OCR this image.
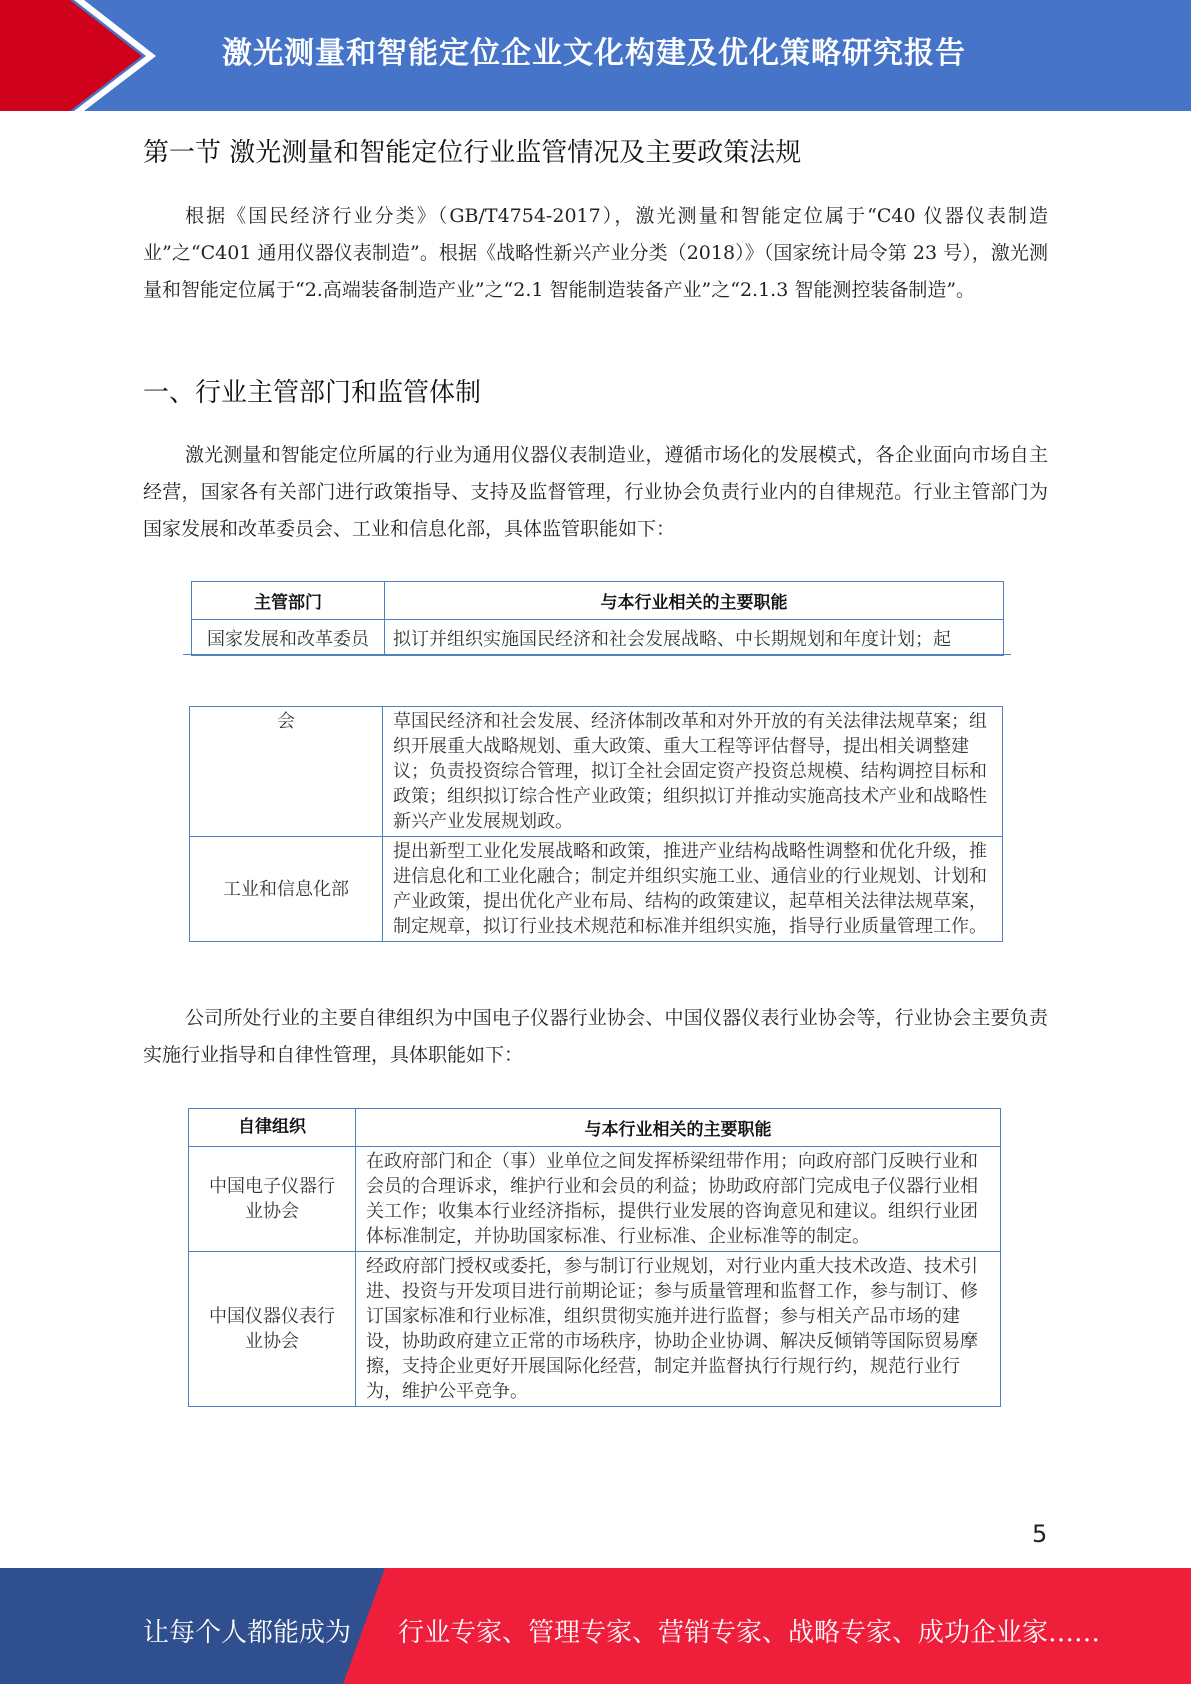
激光测量和智能定位企业文化构建及优化策略研究报告
第一节 激光测量和智能定位行业监管情况及主要政策法规

根据《国民经济行业分类》（GB/T4754-2017），激光测量和智能定位属于“C40 仪器仪表制造业”之“C401 通用仪器仪表制造”。根据《战略性新兴产业分类（2018）》（国家统计局令第 23 号），激光测量和智能定位属于“2.高端装备制造产业”之“2.1 智能制造装备产业”之“2.1.3 智能测控装备制造”。

一、行业主管部门和监管体制

激光测量和智能定位所属的行业为通用仪器仪表制造业，遵循市场化的发展模式，各企业面向市场自主经营，国家各有关部门进行政策指导、支持及监督管理，行业协会负责行业内的自律规范。行业主管部门为国家发展和改革委员会、工业和信息化部，具体监管职能如下：

主管部门	与本行业相关的主要职能
国家发展和改革委员	拟订并组织实施国民经济和社会发展战略、中长期规划和年度计划；起
会	草国民经济和社会发展、经济体制改革和对外开放的有关法律法规草案；组织开展重大战略规划、重大政策、重大工程等评估督导，提出相关调整建议；负责投资综合管理，拟订全社会固定资产投资总规模、结构调控目标和政策；组织拟订综合性产业政策；组织拟订并推动实施高技术产业和战略性新兴产业发展规划政。
工业和信息化部	提出新型工业化发展战略和政策，推进产业结构战略性调整和优化升级，推进信息化和工业化融合；制定并组织实施工业、通信业的行业规划、计划和产业政策，提出优化产业布局、结构的政策建议，起草相关法律法规草案，制定规章，拟订行业技术规范和标准并组织实施，指导行业质量管理工作。

公司所处行业的主要自律组织为中国电子仪器行业协会、中国仪器仪表行业协会等，行业协会主要负责实施行业指导和自律性管理，具体职能如下：

自律组织	与本行业相关的主要职能
中国电子仪器行业协会	在政府部门和企（事）业单位之间发挥桥梁纽带作用；向政府部门反映行业和会员的合理诉求，维护行业和会员的利益；协助政府部门完成电子仪器行业相关工作；收集本行业经济指标，提供行业发展的咨询意见和建议。组织行业团体标准制定，并协助国家标准、行业标准、企业标准等的制定。
中国仪器仪表行业协会	经政府部门授权或委托，参与制订行业规划，对行业内重大技术改造、技术引进、投资与开发项目进行前期论证；参与质量管理和监督工作，参与制订、修订国家标准和行业标准，组织贯彻实施并进行监督；参与相关产品市场的建设，协助政府建立正常的市场秩序，协助企业协调、解决反倾销等国际贸易摩擦，支持企业更好开展国际化经营，制定并监督执行行规行约，规范行业行为，维护公平竞争。
5
让每个人都能成为 行业专家、管理专家、营销专家、战略专家、成功企业家……
